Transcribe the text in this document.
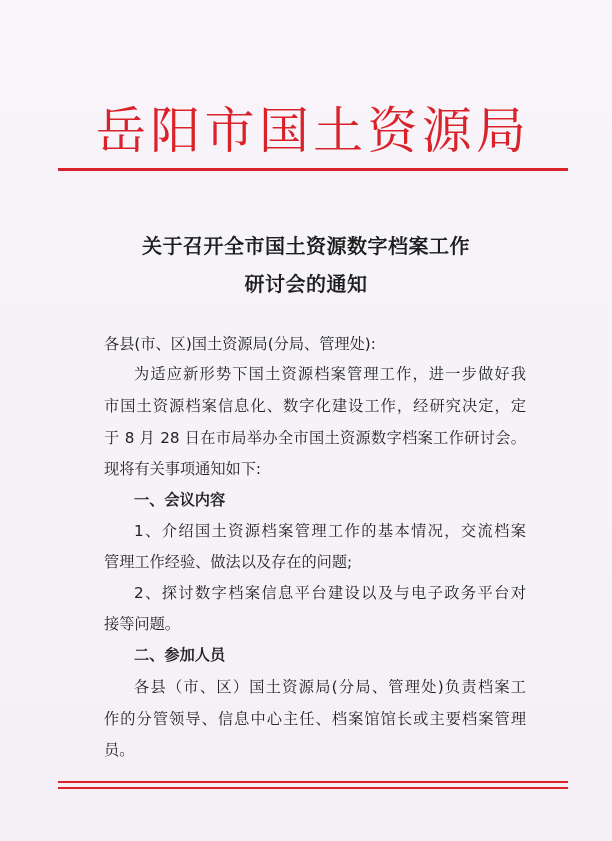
岳 阳 市 国 土 资 源 局
关于召开全市国土资源数字档案工作
研讨会的通知
各县(市、区)国土资源局(分局、管理处):
为适应新形势下国土资源档案管理工作，进一步做好我
市国土资源档案信息化、数字化建设工作，经研究决定，定
于 8 月 28 日在市局举办全市国土资源数字档案工作研讨会。
现将有关事项通知如下:
一、会议内容
1、介绍国土资源档案管理工作的基本情况，交流档案
管理工作经验、做法以及存在的问题;
2、探讨数字档案信息平台建设以及与电子政务平台对
接等问题。
二、参加人员
各县（市、区）国土资源局(分局、管理处)负责档案工
作的分管领导、信息中心主任、档案馆馆长或主要档案管理
员。
